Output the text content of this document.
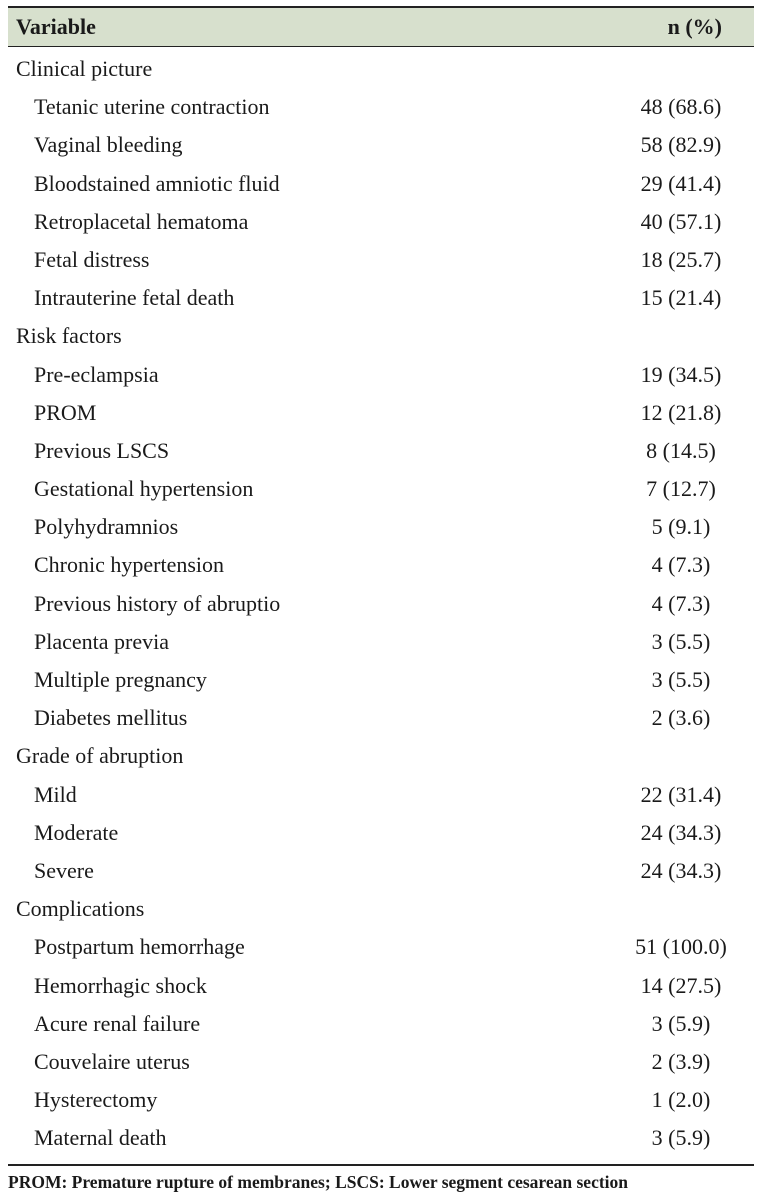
Variable	n (%)
Clinical picture
Tetanic uterine contraction	48 (68.6)
Vaginal bleeding	58 (82.9)
Bloodstained amniotic fluid	29 (41.4)
Retroplacetal hematoma	40 (57.1)
Fetal distress	18 (25.7)
Intrauterine fetal death	15 (21.4)
Risk factors
Pre-eclampsia	19 (34.5)
PROM	12 (21.8)
Previous LSCS	8 (14.5)
Gestational hypertension	7 (12.7)
Polyhydramnios	5 (9.1)
Chronic hypertension	4 (7.3)
Previous history of abruptio	4 (7.3)
Placenta previa	3 (5.5)
Multiple pregnancy	3 (5.5)
Diabetes mellitus	2 (3.6)
Grade of abruption
Mild	22 (31.4)
Moderate	24 (34.3)
Severe	24 (34.3)
Complications
Postpartum hemorrhage	51 (100.0)
Hemorrhagic shock	14 (27.5)
Acure renal failure	3 (5.9)
Couvelaire uterus	2 (3.9)
Hysterectomy	1 (2.0)
Maternal death	3 (5.9)
PROM: Premature rupture of membranes; LSCS: Lower segment cesarean section
